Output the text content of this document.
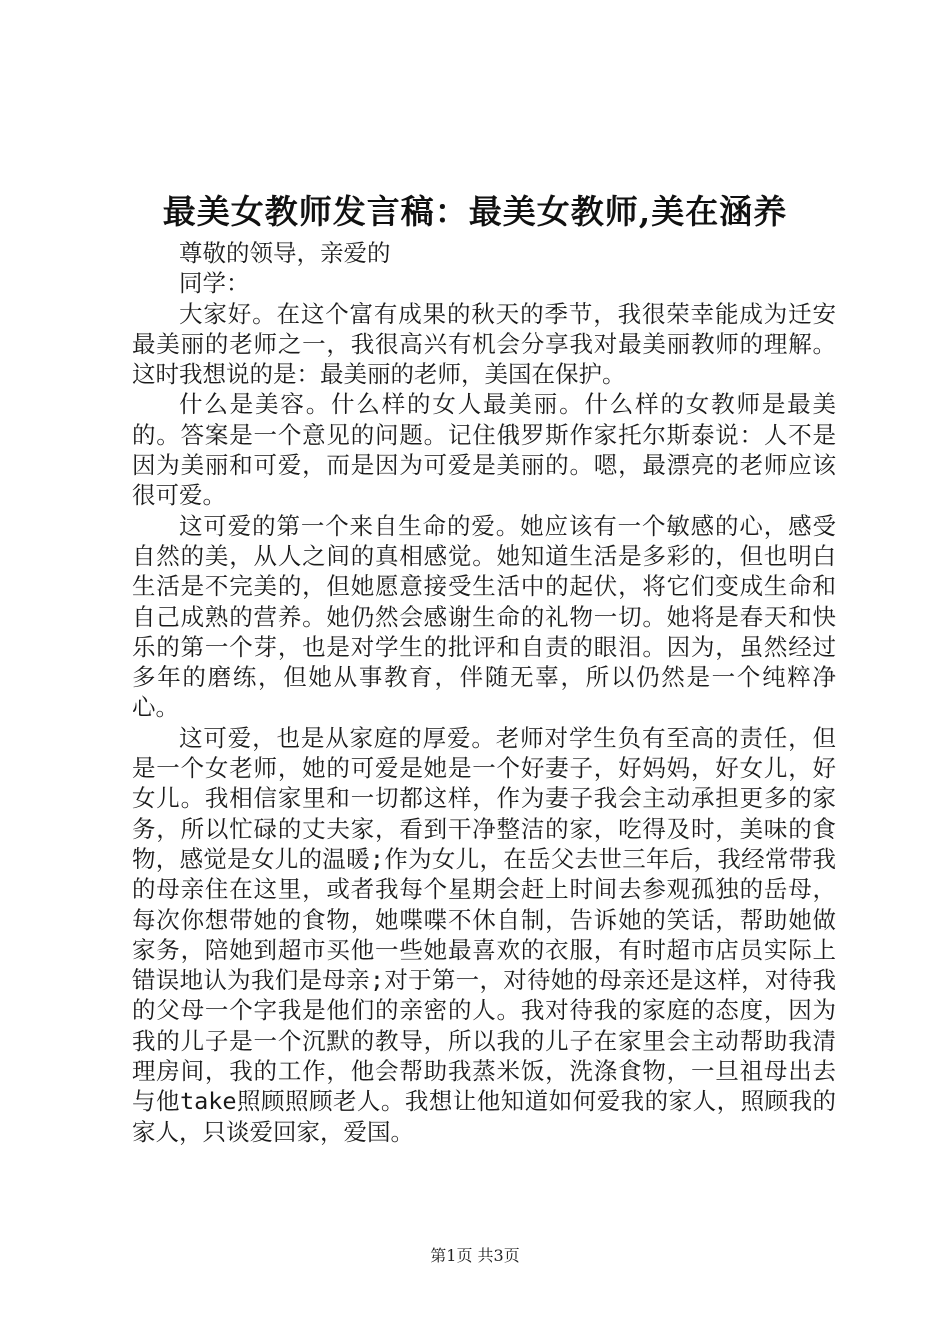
最美女教师发言稿：最美女教师,美在涵养

尊敬的领导，亲爱的

同学：

大家好。在这个富有成果的秋天的季节，我很荣幸能成为迁安最美丽的老师之一，我很高兴有机会分享我对最美丽教师的理解。这时我想说的是：最美丽的老师，美国在保护。

什么是美容。什么样的女人最美丽。什么样的女教师是最美的。答案是一个意见的问题。记住俄罗斯作家托尔斯泰说：人不是因为美丽和可爱，而是因为可爱是美丽的。嗯，最漂亮的老师应该很可爱。

这可爱的第一个来自生命的爱。她应该有一个敏感的心，感受自然的美，从人之间的真相感觉。她知道生活是多彩的，但也明白生活是不完美的，但她愿意接受生活中的起伏，将它们变成生命和自己成熟的营养。她仍然会感谢生命的礼物一切。她将是春天和快乐的第一个芽，也是对学生的批评和自责的眼泪。因为，虽然经过多年的磨练，但她从事教育，伴随无辜，所以仍然是一个纯粹净心。

这可爱，也是从家庭的厚爱。老师对学生负有至高的责任，但是一个女老师，她的可爱是她是一个好妻子，好妈妈，好女儿，好女儿。我相信家里和一切都这样，作为妻子我会主动承担更多的家务，所以忙碌的丈夫家，看到干净整洁的家，吃得及时，美味的食物，感觉是女儿的温暖;作为女儿，在岳父去世三年后，我经常带我的母亲住在这里，或者我每个星期会赶上时间去参观孤独的岳母，每次你想带她的食物，她喋喋不休自制，告诉她的笑话，帮助她做家务，陪她到超市买他一些她最喜欢的衣服，有时超市店员实际上错误地认为我们是母亲;对于第一，对待她的母亲还是这样，对待我的父母一个字我是他们的亲密的人。我对待我的家庭的态度，因为我的儿子是一个沉默的教导，所以我的儿子在家里会主动帮助我清理房间，我的工作，他会帮助我蒸米饭，洗涤食物，一旦祖母出去与他take照顾照顾老人。我想让他知道如何爱我的家人，照顾我的家人，只谈爱回家，爱国。

第1页 共3页
